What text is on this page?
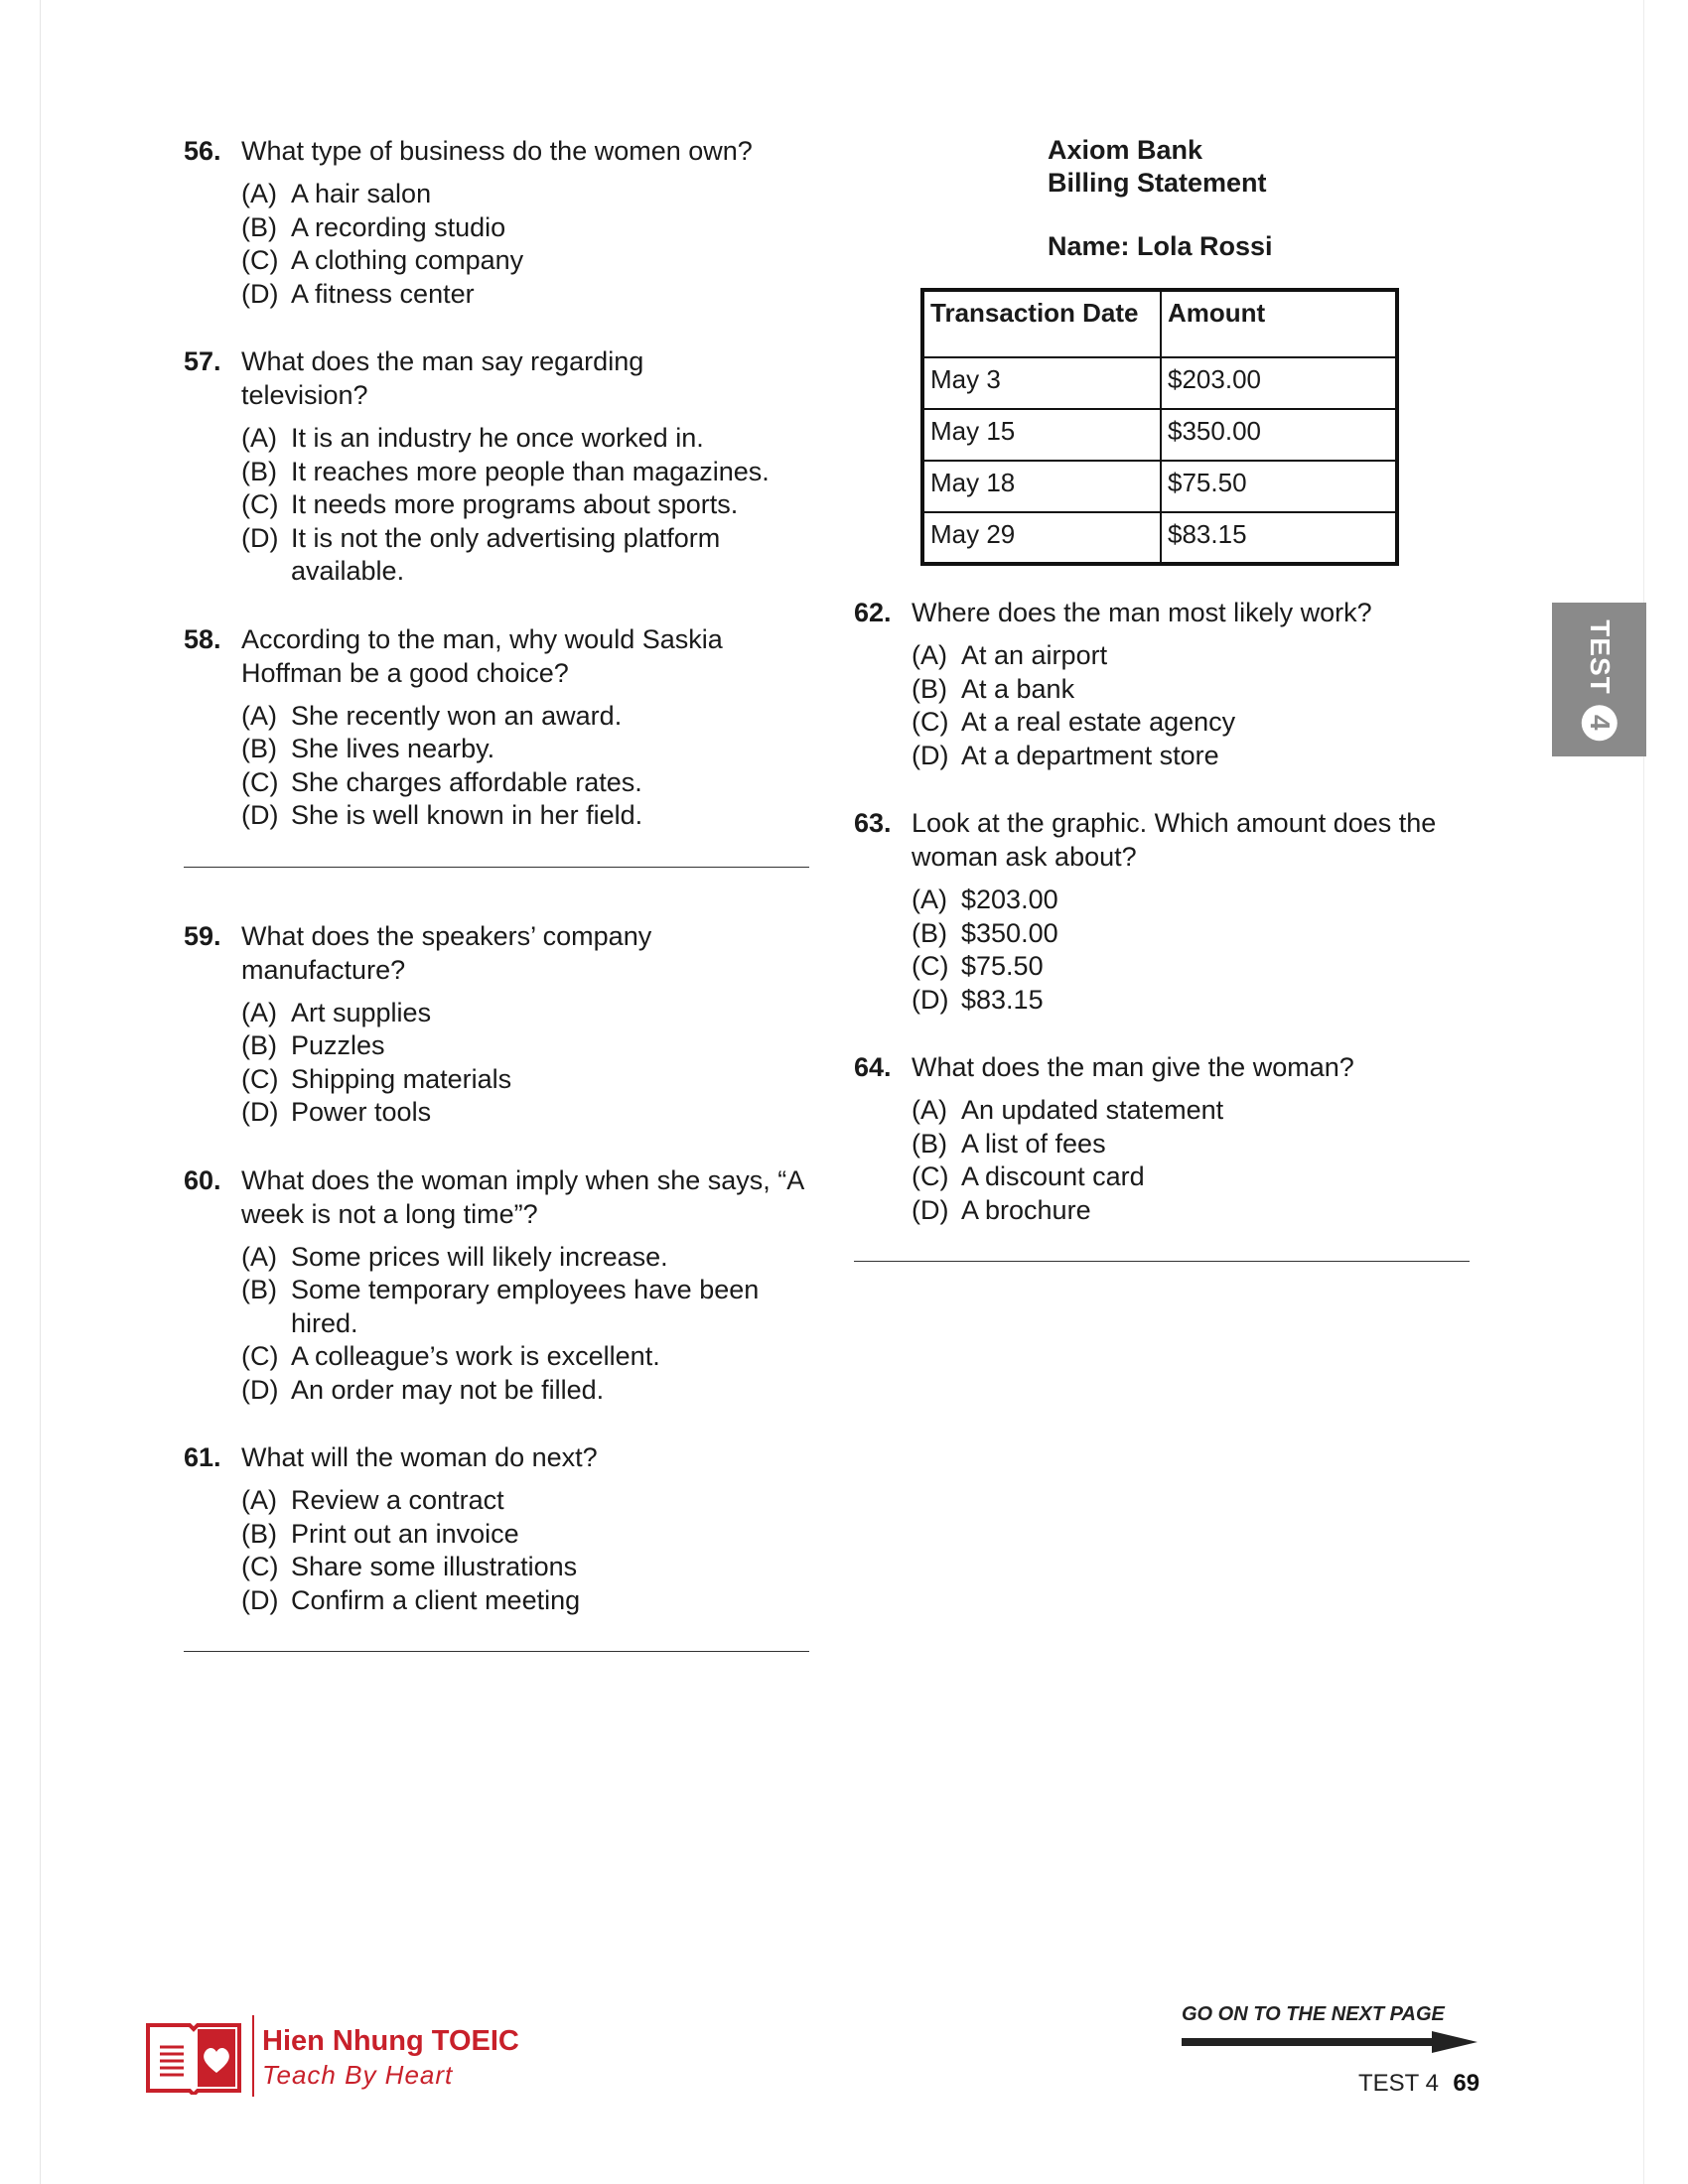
56. What type of business do the women own?
(A) A hair salon
(B) A recording studio
(C) A clothing company
(D) A fitness center
57. What does the man say regarding television?
(A) It is an industry he once worked in.
(B) It reaches more people than magazines.
(C) It needs more programs about sports.
(D) It is not the only advertising platform available.
58. According to the man, why would Saskia Hoffman be a good choice?
(A) She recently won an award.
(B) She lives nearby.
(C) She charges affordable rates.
(D) She is well known in her field.
59. What does the speakers’ company manufacture?
(A) Art supplies
(B) Puzzles
(C) Shipping materials
(D) Power tools
60. What does the woman imply when she says, “A week is not a long time”?
(A) Some prices will likely increase.
(B) Some temporary employees have been hired.
(C) A colleague’s work is excellent.
(D) An order may not be filled.
61. What will the woman do next?
(A) Review a contract
(B) Print out an invoice
(C) Share some illustrations
(D) Confirm a client meeting
Axiom Bank
Billing Statement
Name: Lola Rossi
Transaction Date	Amount
May 3	$203.00
May 15	$350.00
May 18	$75.50
May 29	$83.15
62. Where does the man most likely work?
(A) At an airport
(B) At a bank
(C) At a real estate agency
(D) At a department store
63. Look at the graphic. Which amount does the woman ask about?
(A) $203.00
(B) $350.00
(C) $75.50
(D) $83.15
64. What does the man give the woman?
(A) An updated statement
(B) A list of fees
(C) A discount card
(D) A brochure
TEST
4
Hien Nhung TOEIC
Teach By Heart
GO ON TO THE NEXT PAGE
TEST 4 69
